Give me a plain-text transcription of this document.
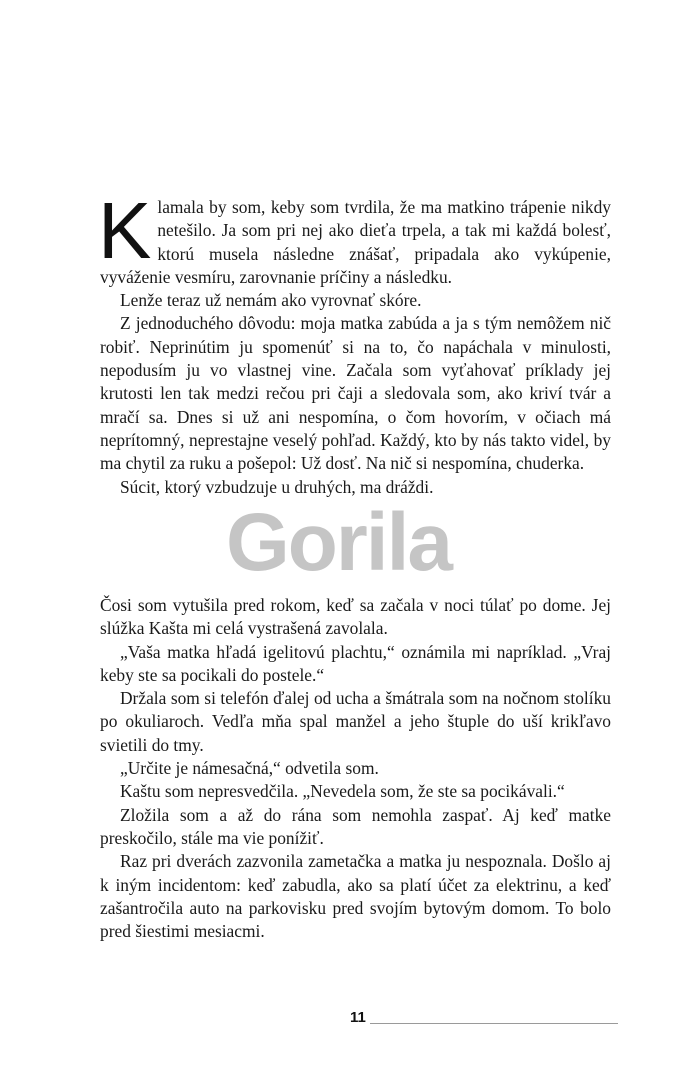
Klamala by som, keby som tvrdila, že ma matkino trápenie nikdy netešilo. Ja som pri nej ako dieťa trpela, a tak mi každá bolesť, ktorú musela následne znášať, pripadala ako vykúpenie, vyváženie vesmíru, zarovnanie príčiny a následku.

Lenže teraz už nemám ako vyrovnať skóre.

Z jednoduchého dôvodu: moja matka zabúda a ja s tým nemôžem nič robiť. Neprinútim ju spomenúť si na to, čo napáchala v minulosti, nepodusím ju vo vlastnej vine. Začala som vyťahovať príklady jej krutosti len tak medzi rečou pri čaji a sledovala som, ako kriví tvár a mračí sa. Dnes si už ani nespomína, o čom hovorím, v očiach má neprítomný, neprestajne veselý pohľad. Každý, kto by nás takto videl, by ma chytil za ruku a pošepol: Už dosť. Na nič si nespomína, chuderka.

Súcit, ktorý vzbudzuje u druhých, ma dráždi.

Gorila

Čosi som vytušila pred rokom, keď sa začala v noci túlať po dome. Jej slúžka Kašta mi celá vystrašená zavolala.

„Vaša matka hľadá igelitovú plachtu,“ oznámila mi napríklad. „Vraj keby ste sa pocikali do postele.“

Držala som si telefón ďalej od ucha a šmátrala som na nočnom stolíku po okuliaroch. Vedľa mňa spal manžel a jeho štuple do uší krikľavo svietili do tmy.

„Určite je námesačná,“ odvetila som.

Kaštu som nepresvedčila. „Nevedela som, že ste sa pocikávali.“

Zložila som a až do rána som nemohla zaspať. Aj keď matke preskočilo, stále ma vie ponížiť.

Raz pri dverách zazvonila zametačka a matka ju nespoznala. Došlo aj k iným incidentom: keď zabudla, ako sa platí účet za elektrinu, a keď zašantročila auto na parkovisku pred svojím bytovým domom. To bolo pred šiestimi mesiacmi.

11
